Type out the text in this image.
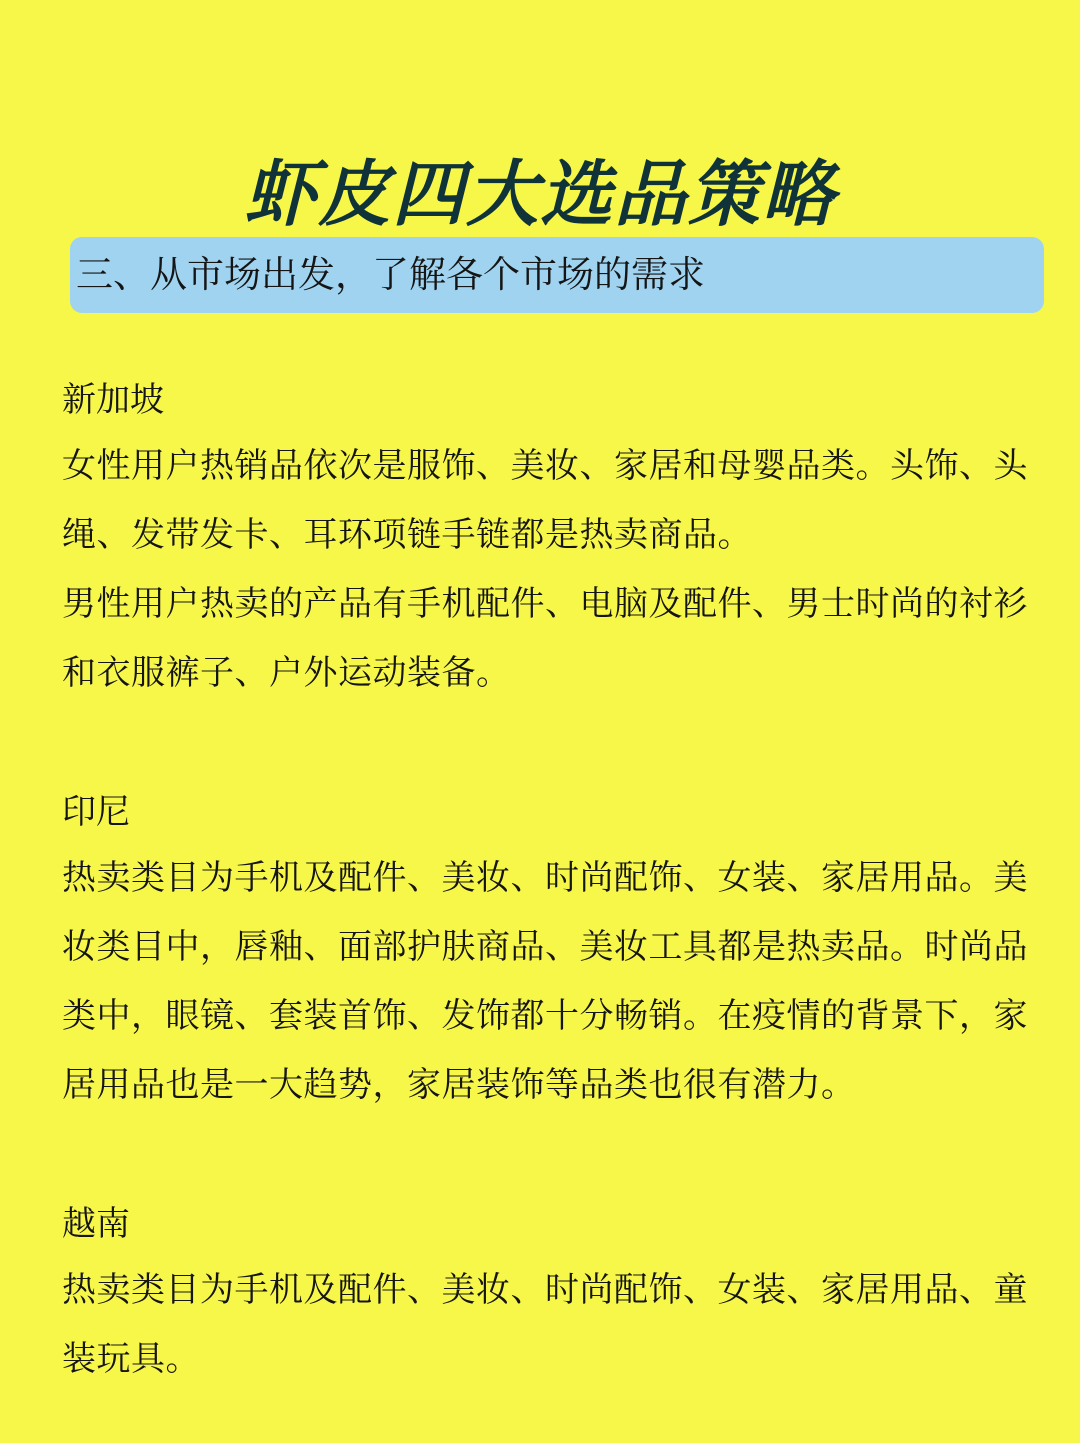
虾皮四大选品策略
三、从市场出发，了解各个市场的需求

新加坡

女性用户热销品依次是服饰、美妆、家居和母婴品类。头饰、头绳、发带发卡、耳环项链手链都是热卖商品。

男性用户热卖的产品有手机配件、电脑及配件、男士时尚的衬衫和衣服裤子、户外运动装备。

印尼

热卖类目为手机及配件、美妆、时尚配饰、女装、家居用品。美妆类目中，唇釉、面部护肤商品、美妆工具都是热卖品。时尚品类中，眼镜、套装首饰、发饰都十分畅销。在疫情的背景下，家居用品也是一大趋势，家居装饰等品类也很有潜力。

越南

热卖类目为手机及配件、美妆、时尚配饰、女装、家居用品、童装玩具。
